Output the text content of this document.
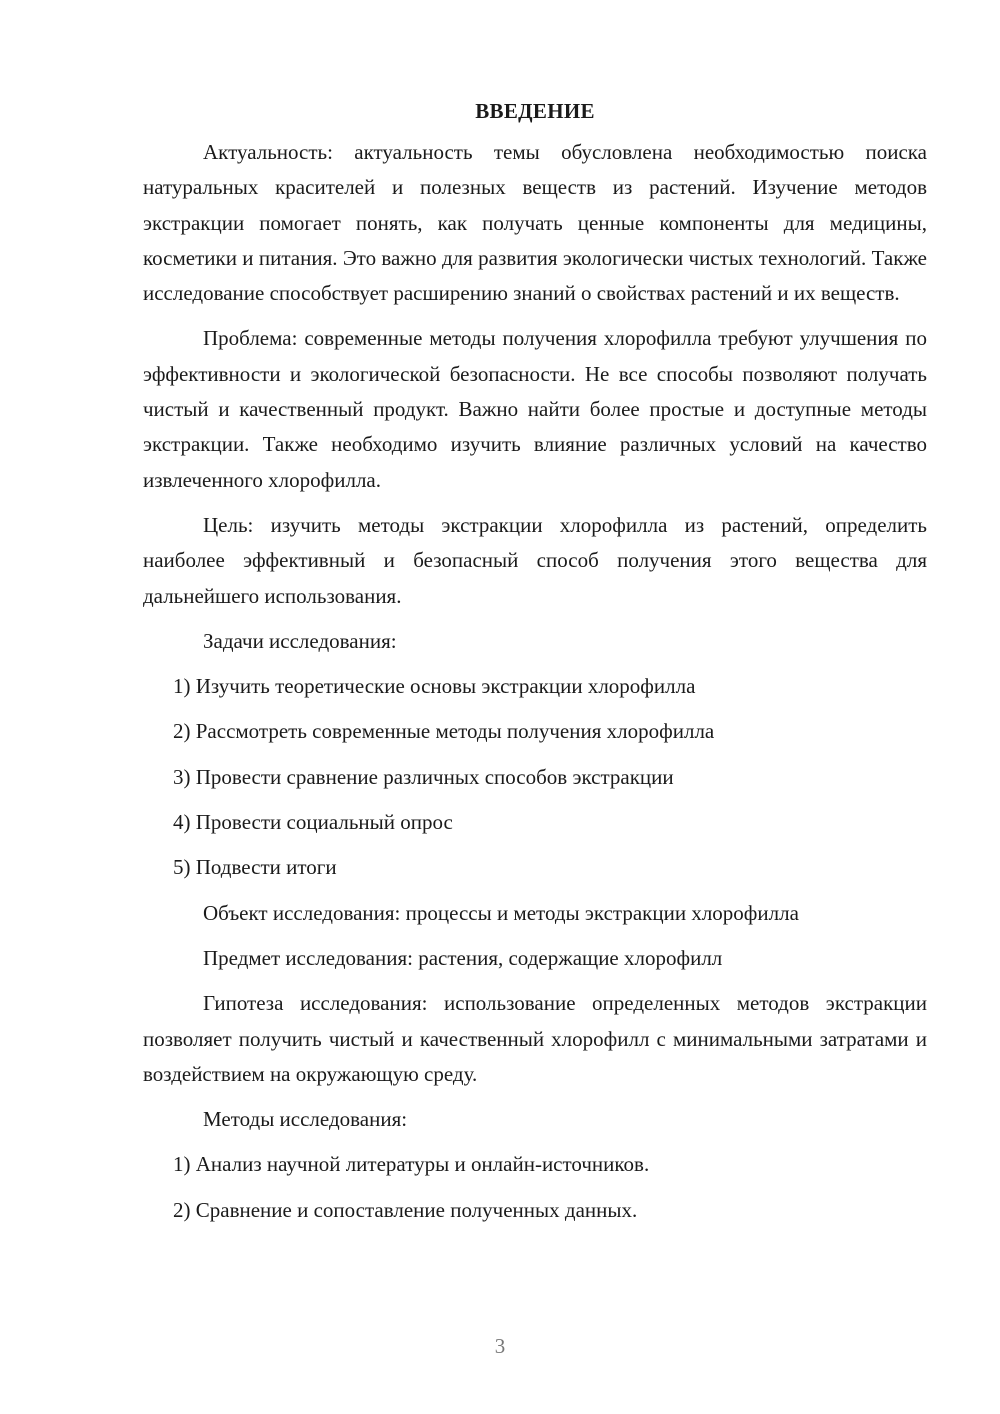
ВВЕДЕНИЕ
Актуальность: актуальность темы обусловлена необходимостью поиска натуральных красителей и полезных веществ из растений. Изучение методов экстракции помогает понять, как получать ценные компоненты для медицины, косметики и питания. Это важно для развития экологически чистых технологий. Также исследование способствует расширению знаний о свойствах растений и их веществ.
Проблема: современные методы получения хлорофилла требуют улучшения по эффективности и экологической безопасности. Не все способы позволяют получать чистый и качественный продукт. Важно найти более простые и доступные методы экстракции. Также необходимо изучить влияние различных условий на качество извлеченного хлорофилла.
Цель: изучить методы экстракции хлорофилла из растений, определить наиболее эффективный и безопасный способ получения этого вещества для дальнейшего использования.
Задачи исследования:
1) Изучить теоретические основы экстракции хлорофилла
2) Рассмотреть современные методы получения хлорофилла
3) Провести сравнение различных способов экстракции
4) Провести социальный опрос
5) Подвести итоги
Объект исследования: процессы и методы экстракции хлорофилла
Предмет исследования: растения, содержащие хлорофилл
Гипотеза исследования: использование определенных методов экстракции позволяет получить чистый и качественный хлорофилл с минимальными затратами и воздействием на окружающую среду.
Методы исследования:
1) Анализ научной литературы и онлайн-источников.
2) Сравнение и сопоставление полученных данных.
3
